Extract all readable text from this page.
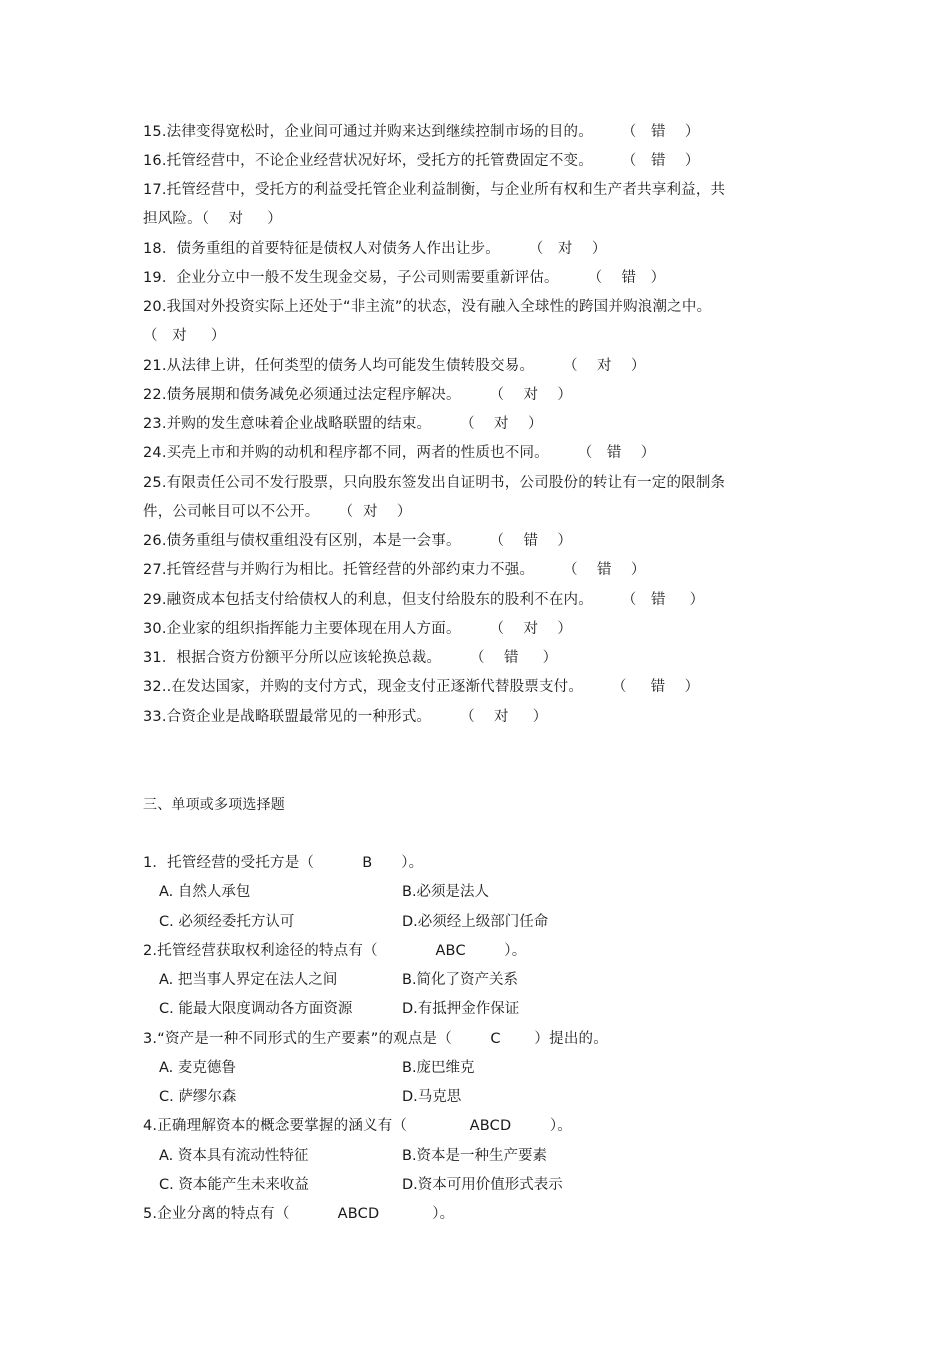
15.法律变得宽松时，企业间可通过并购来达到继续控制市场的目的。      （   错    ）
16.托管经营中，不论企业经营状况好坏，受托方的托管费固定不变。      （   错    ）
17.托管经营中，受托方的利益受托管企业利益制衡，与企业所有权和生产者共享利益，共
担风险。（    对     ）
18．债务重组的首要特征是债权人对债务人作出让步。      （   对    ）
19．企业分立中一般不发生现金交易，子公司则需要重新评估。      （    错   ）
20.我国对外投资实际上还处于“非主流”的状态，没有融入全球性的跨国并购浪潮之中。
（   对     ）
21.从法律上讲，任何类型的债务人均可能发生债转股交易。      （    对    ）
22.债务展期和债务减免必须通过法定程序解决。      （    对    ）
23.并购的发生意味着企业战略联盟的结束。      （    对    ）
24.买壳上市和并购的动机和程序都不同，两者的性质也不同。      （   错    ）
25.有限责任公司不发行股票，只向股东签发出自证明书，公司股份的转让有一定的限制条
件，公司帐目可以不公开。    （  对    ）
26.债务重组与债权重组没有区别，本是一会事。      （    错    ）
27.托管经营与并购行为相比。托管经营的外部约束力不强。      （    错    ）
29.融资成本包括支付给债权人的利息，但支付给股东的股利不在内。      （   错     ）
30.企业家的组织指挥能力主要体现在用人方面。      （    对    ）
31．根据合资方份额平分所以应该轮换总裁。      （    错     ）
32..在发达国家，并购的支付方式，现金支付正逐渐代替股票支付。      （     错    ）
33.合资企业是战略联盟最常见的一种形式。      （    对     ）
三、单项或多项选择题
1．托管经营的受托方是（          B      ）。
A. 自然人承包	B.必须是法人
C. 必须经委托方认可	D.必须经上级部门任命
2.托管经营获取权利途径的特点有（            ABC        ）。
A. 把当事人界定在法人之间	B.简化了资产关系
C. 能最大限度调动各方面资源	D.有抵押金作保证
3.“资产是一种不同形式的生产要素”的观点是（        C       ）提出的。
A. 麦克德鲁	B.庞巴维克
C. 萨缪尔森	D.马克思
4.正确理解资本的概念要掌握的涵义有（             ABCD        ）。
A. 资本具有流动性特征	B.资本是一种生产要素
C. 资本能产生未来收益	D.资本可用价值形式表示
5.企业分离的特点有（          ABCD           ）。
